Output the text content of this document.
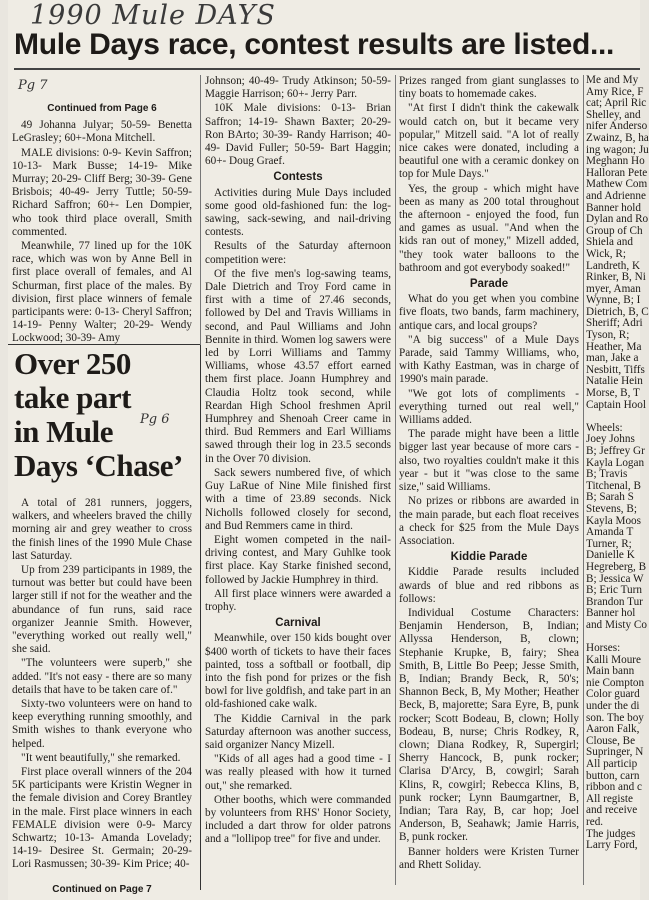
1990 Mule DAYS
Mule Days race, contest results are listed...
Pg 7

Continued from Page 6

49 Johanna Julyar; 50-59- Benetta LeGrasley; 60+-Mona Mitchell.

MALE divisions: 0-9- Kevin Saffron; 10-13- Mark Busse; 14-19- Mike Murray; 20-29- Cliff Berg; 30-39- Gene Brisbois; 40-49- Jerry Tuttle; 50-59- Richard Saffron; 60+- Len Dompier, who took third place overall, Smith commented.

Meanwhile, 77 lined up for the 10K race, which was won by Anne Bell in first place overall of females, and Al Schurman, first place of the males. By division, first place winners of female participants were: 0-13- Cheryl Saffron; 14-19- Penny Walter; 20-29- Wendy Lockwood; 30-39- Amy

Over 250
take part
in Mule
Days ‘Chase’
Pg 6

A total of 281 runners, joggers, walkers, and wheelers braved the chilly morning air and grey weather to cross the finish lines of the 1990 Mule Chase last Saturday.

Up from 239 participants in 1989, the turnout was better but could have been larger still if not for the weather and the abundance of fun runs, said race organizer Jeannie Smith. However, "everything worked out really well," she said.

"The volunteers were superb," she added. "It's not easy - there are so many details that have to be taken care of."

Sixty-two volunteers were on hand to keep everything running smoothly, and Smith wishes to thank everyone who helped.

"It went beautifully," she remarked.

First place overall winners of the 204 5K participants were Kristin Wegner in the female division and Corey Brantley in the male. First place winners in each FEMALE division were 0-9- Marcy Schwartz; 10-13- Amanda Lovelady; 14-19- Desiree St. Germain; 20-29- Lori Rasmussen; 30-39- Kim Price; 40-

Continued on Page 7

Johnson; 40-49- Trudy Atkinson; 50-59- Maggie Harrison; 60+- Jerry Parr.

10K Male divisions: 0-13- Brian Saffron; 14-19- Shawn Baxter; 20-29- Ron BArto; 30-39- Randy Harrison; 40-49- David Fuller; 50-59- Bart Haggin; 60+- Doug Graef.

Contests

Activities during Mule Days included some good old-fashioned fun: the log-sawing, sack-sewing, and nail-driving contests.

Results of the Saturday afternoon competition were:

Of the five men's log-sawing teams, Dale Dietrich and Troy Ford came in first with a time of 27.46 seconds, followed by Del and Travis Williams in second, and Paul Williams and John Bennite in third. Women log sawers were led by Lorri Williams and Tammy Williams, whose 43.57 effort earned them first place. Joann Humphrey and Claudia Holtz took second, while Reardan High School freshmen April Humphrey and Shenoah Creer came in third. Bud Remmers and Earl Williams sawed through their log in 23.5 seconds in the Over 70 division.

Sack sewers numbered five, of which Guy LaRue of Nine Mile finished first with a time of 23.89 seconds. Nick Nicholls followed closely for second, and Bud Remmers came in third.

Eight women competed in the nail-driving contest, and Mary Guhlke took first place. Kay Starke finished second, followed by Jackie Humphrey in third.

All first place winners were awarded a trophy.

Carnival

Meanwhile, over 150 kids bought over $400 worth of tickets to have their faces painted, toss a softball or football, dip into the fish pond for prizes or the fish bowl for live goldfish, and take part in an old-fashioned cake walk.

The Kiddie Carnival in the park Saturday afternoon was another success, said organizer Nancy Mizell.

"Kids of all ages had a good time - I was really pleased with how it turned out," she remarked.

Other booths, which were commanded by volunteers from RHS' Honor Society, included a dart throw for older patrons and a "lollipop tree" for five and under.

Prizes ranged from giant sunglasses to tiny boats to homemade cakes.

"At first I didn't think the cakewalk would catch on, but it became very popular," Mitzell said. "A lot of really nice cakes were donated, including a beautiful one with a ceramic donkey on top for Mule Days."

Yes, the group - which might have been as many as 200 total throughout the afternoon - enjoyed the food, fun and games as usual. "And when the kids ran out of money," Mizell added, "they took water balloons to the bathroom and got everybody soaked!"

Parade

What do you get when you combine five floats, two bands, farm machinery, antique cars, and local groups?

"A big success" of a Mule Days Parade, said Tammy Williams, who, with Kathy Eastman, was in charge of 1990's main parade.

"We got lots of compliments - everything turned out real well," Williams added.

The parade might have been a little bigger last year because of more cars - also, two royalties couldn't make it this year - but it "was close to the same size," said Williams.

No prizes or ribbons are awarded in the main parade, but each float receives a check for $25 from the Mule Days Association.

Kiddie Parade

Kiddie Parade results included awards of blue and red ribbons as follows:

Individual Costume Characters: Benjamin Henderson, B, Indian; Allyssa Henderson, B, clown; Stephanie Krupke, B, fairy; Shea Smith, B, Little Bo Peep; Jesse Smith, B, Indian; Brandy Beck, R, 50's; Shannon Beck, B, My Mother; Heather Beck, B, majorette; Sara Eyre, B, punk rocker; Scott Bodeau, B, clown; Holly Bodeau, B, nurse; Chris Rodkey, R, clown; Diana Rodkey, R, Supergirl; Sherry Hancock, B, punk rocker; Clarisa D'Arcy, B, cowgirl; Sarah Klins, R, cowgirl; Rebecca Klins, B, punk rocker; Lynn Baumgartner, B, Indian; Tara Ray, B, car hop; Joel Anderson, B, Seahawk; Jamie Harris, B, punk rocker.

Banner holders were Kristen Turner and Rhett Soliday.

Me and My
Amy Rice, F
cat; April Ric
Shelley, and
nifer Anderso
Zwainz, B, ha
ing wagon; Ju
Meghann Ho
Halloran Pete
Mathew Com
and Adrienne
Banner hold
Dylan and Ro
Group of Ch
Shiela and
Wick, R;
Landreth, K
Rinker, B, Ni
myer, Aman
Wynne, B; I
Dietrich, B, C
Sheriff; Adri
Tyson, R;
Heather, Ma
man, Jake a
Nesbitt, Tiffs
Natalie Hein
Morse, B, T
Captain Hool
Wheels:
Joey Johns
B; Jeffrey Gr
Kayla Logan
B; Travis
Titchenal, B
B; Sarah S
Stevens, B;
Kayla Moos
Amanda T
Turner, R;
Danielle K
Hegreberg, B
B; Jessica W
B; Eric Turn
Brandon Tur
Banner hol
and Misty Co
Horses:
Kalli Moure
Main bann
nie Compton
Color guard
under the di
son. The boy
Aaron Falk,
Clouse, Be
Supringer, N
All particip
button, carn
ribbon and c
All registe
and receive
red.
The judges
Larry Ford,
